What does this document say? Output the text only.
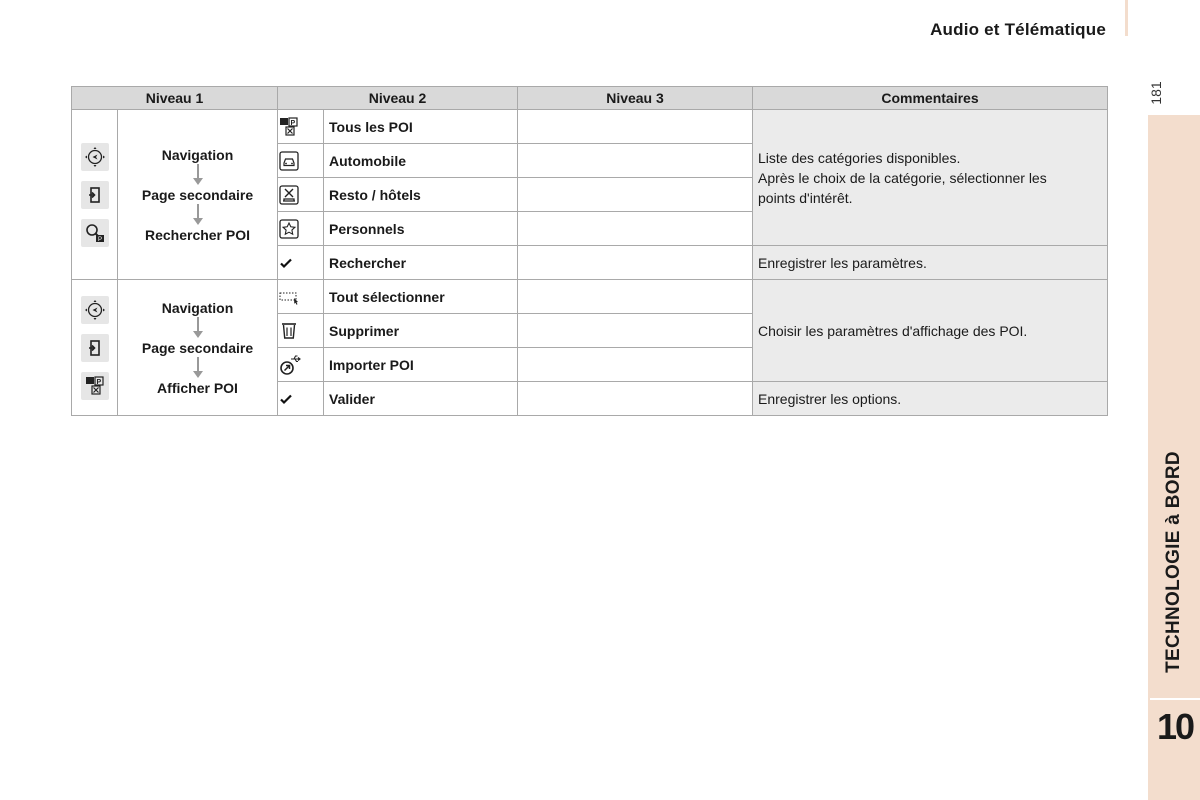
Audio et Télématique
181
TECHNOLOGIE à BORD
10
Niveau 1		Niveau 2		Niveau 3	Commentaires

P	Navigation
Page secondaire
Rechercher POI	P	Tous les POI		Liste des catégories disponibles.
Après le choix de la catégorie, sélectionner les points d'intérêt.

	Automobile		

	Resto / hôtels		

	Personnels		

	Rechercher		Enregistrer les paramètres.

P	Navigation
Page secondaire
Afficher POI		Tout sélectionner		Choisir les paramètres d'affichage des POI.

	Supprimer		

	Importer POI		

	Valider		Enregistrer les options.
